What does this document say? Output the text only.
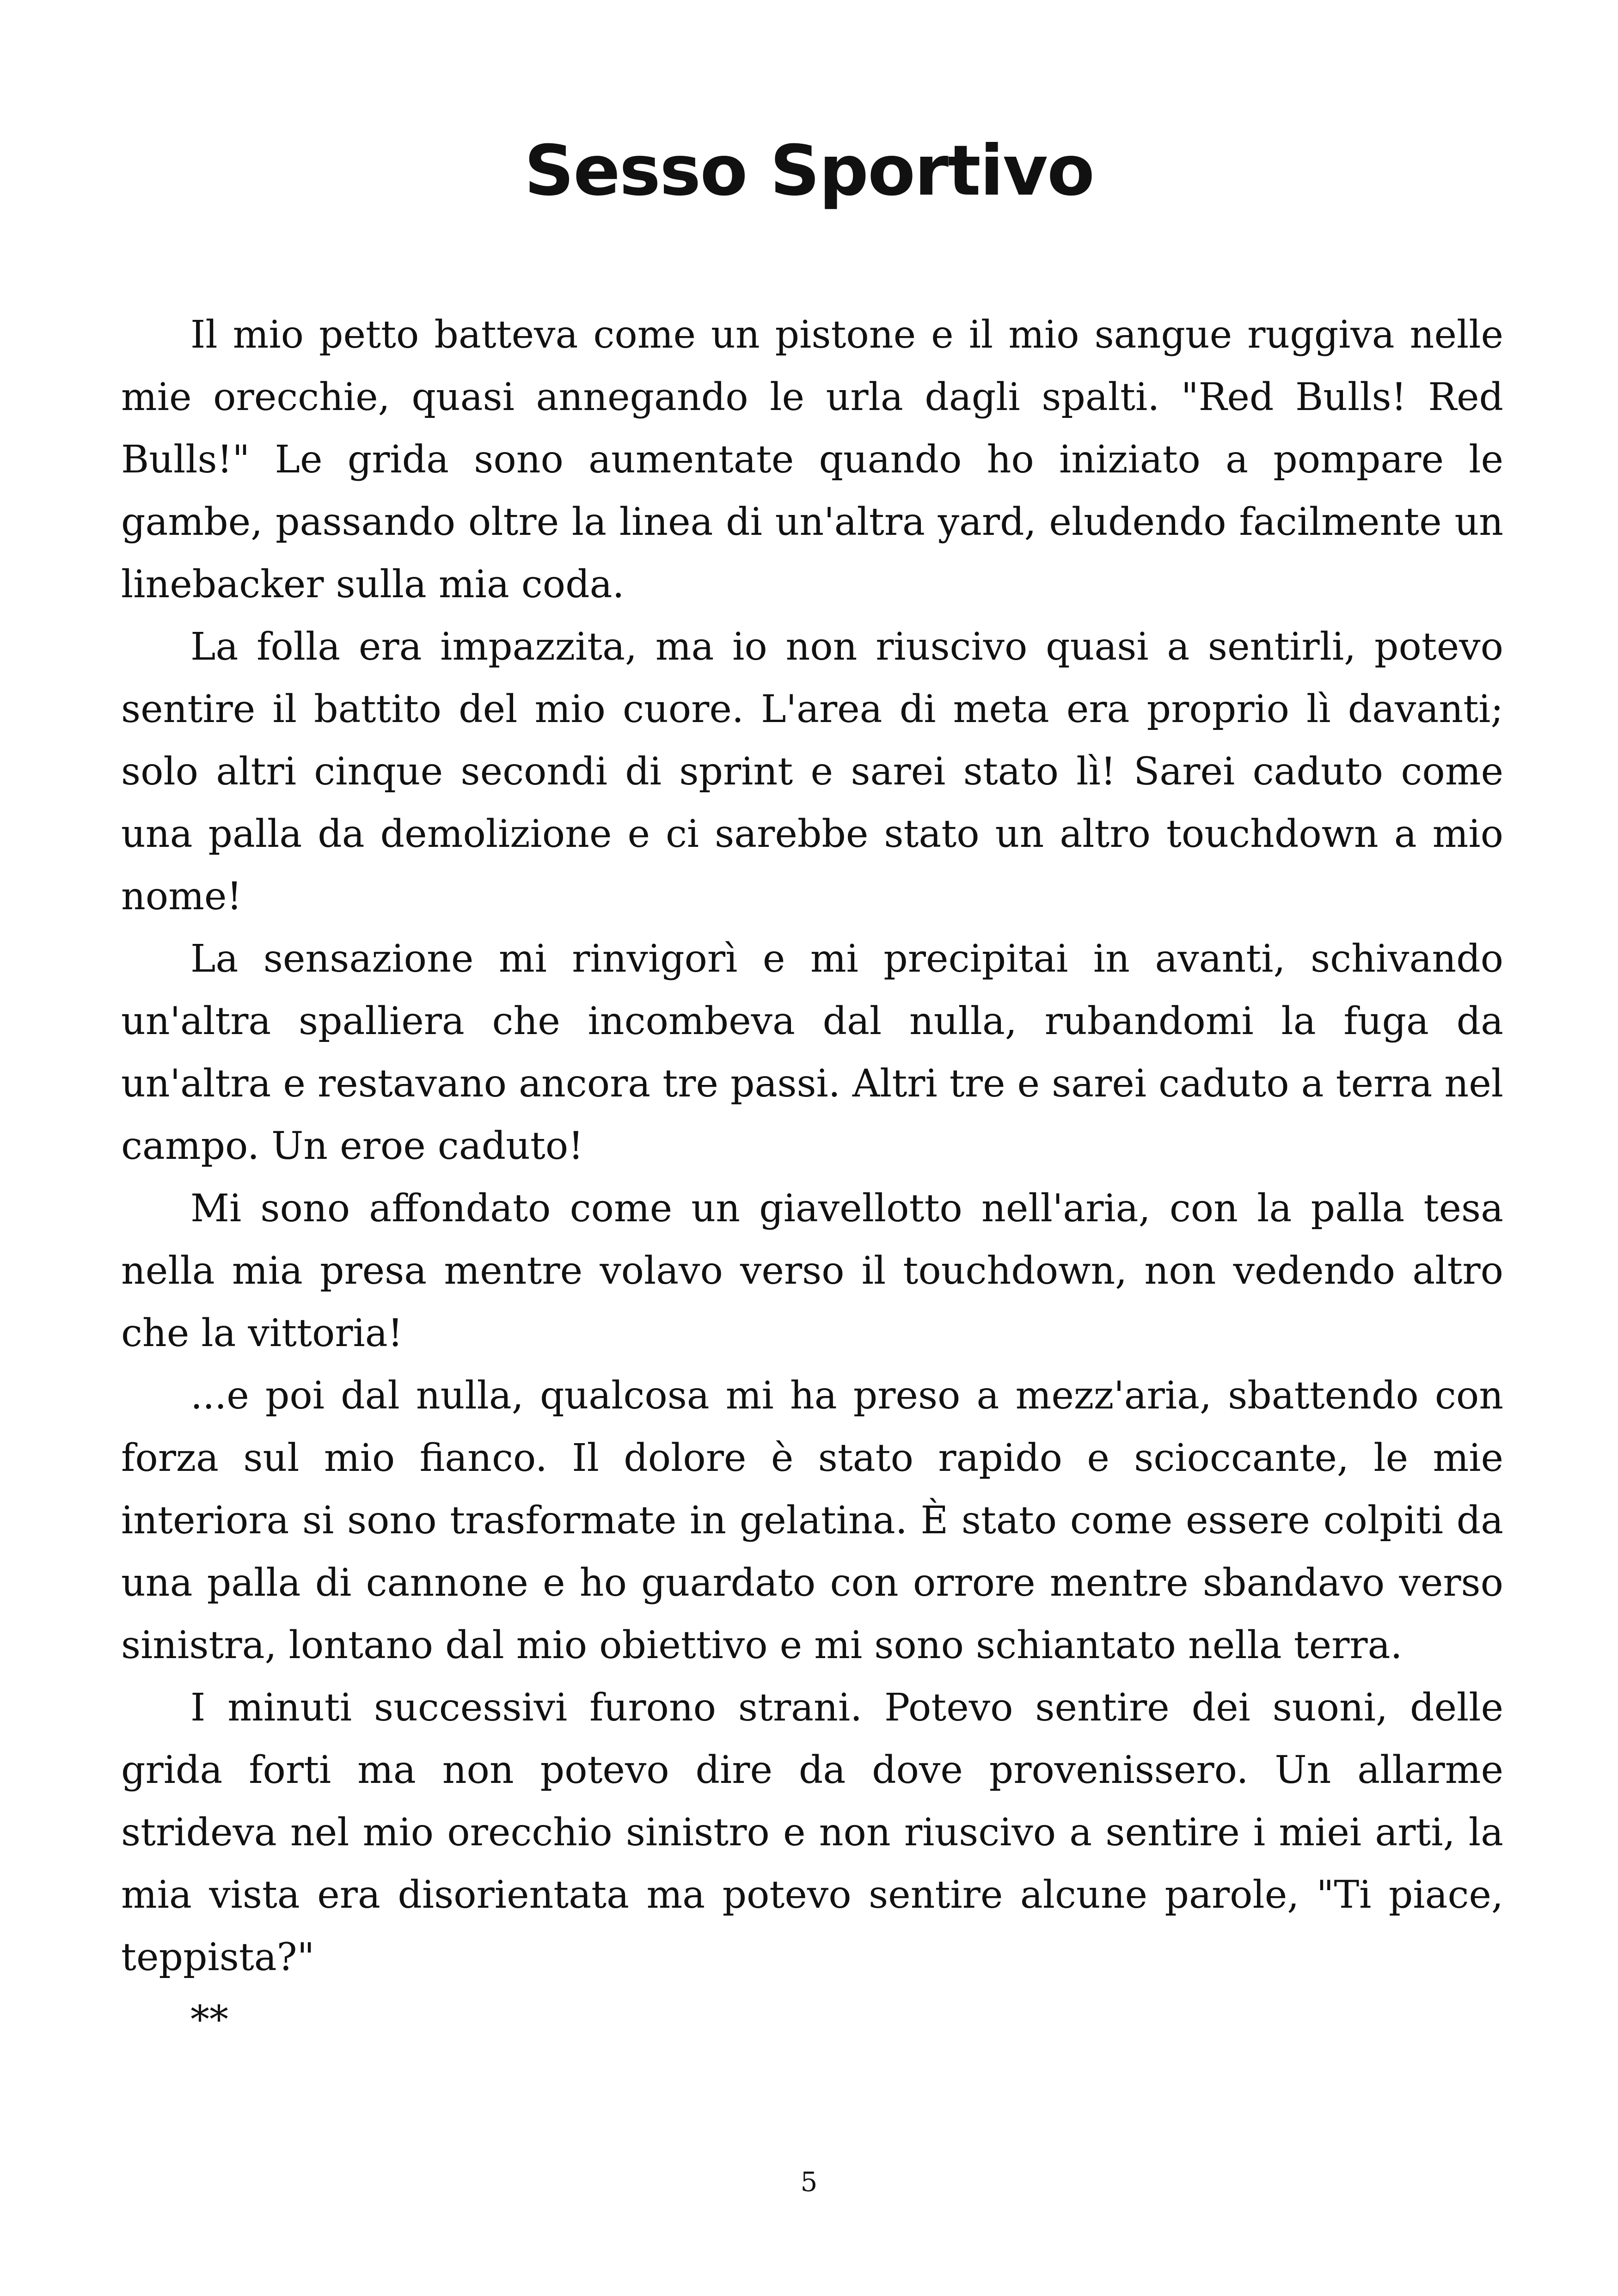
Sesso Sportivo

Il mio petto batteva come un pistone e il mio sangue ruggiva nelle mie orecchie, quasi annegando le urla dagli spalti. "Red Bulls! Red Bulls!" Le grida sono aumentate quando ho iniziato a pompare le gambe, passando oltre la linea di un'altra yard, eludendo facilmente un linebacker sulla mia coda.

La folla era impazzita, ma io non riuscivo quasi a sentirli, potevo sentire il battito del mio cuore. L'area di meta era proprio lì davanti; solo altri cinque secondi di sprint e sarei stato lì! Sarei caduto come una palla da demolizione e ci sarebbe stato un altro touchdown a mio nome!

La sensazione mi rinvigorì e mi precipitai in avanti, schivando un'altra spalliera che incombeva dal nulla, rubandomi la fuga da un'altra e restavano ancora tre passi. Altri tre e sarei caduto a terra nel campo. Un eroe caduto!

Mi sono affondato come un giavellotto nell'aria, con la palla tesa nella mia presa mentre volavo verso il touchdown, non vedendo altro che la vittoria!

...e poi dal nulla, qualcosa mi ha preso a mezz'aria, sbattendo con forza sul mio fianco. Il dolore è stato rapido e scioccante, le mie interiora si sono trasformate in gelatina. È stato come essere colpiti da una palla di cannone e ho guardato con orrore mentre sbandavo verso sinistra, lontano dal mio obiettivo e mi sono schiantato nella terra.

I minuti successivi furono strani. Potevo sentire dei suoni, delle grida forti ma non potevo dire da dove provenissero. Un allarme strideva nel mio orecchio sinistro e non riuscivo a sentire i miei arti, la mia vista era disorientata ma potevo sentire alcune parole, "Ti piace, teppista?"

**

5
